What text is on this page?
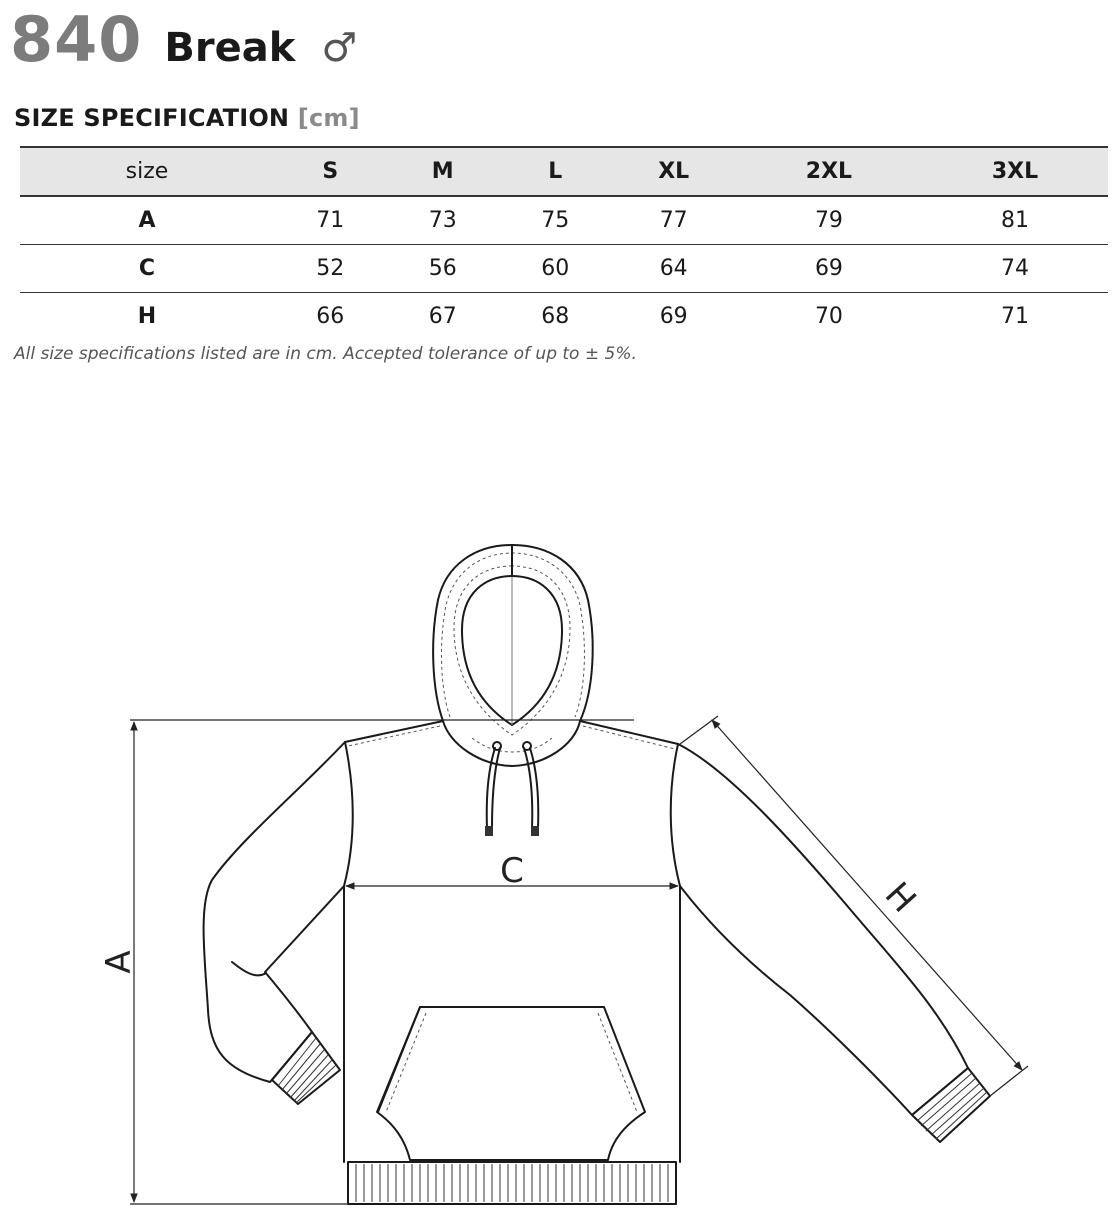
840 Break ♂
SIZE SPECIFICATION [cm]
size	S	M	L	XL	2XL	3XL
A	71	73	75	77	79	81
C	52	56	60	64	69	74
H	66	67	68	69	70	71
All size specifications listed are in cm. Accepted tolerance of up to ± 5%.
A
C
H
